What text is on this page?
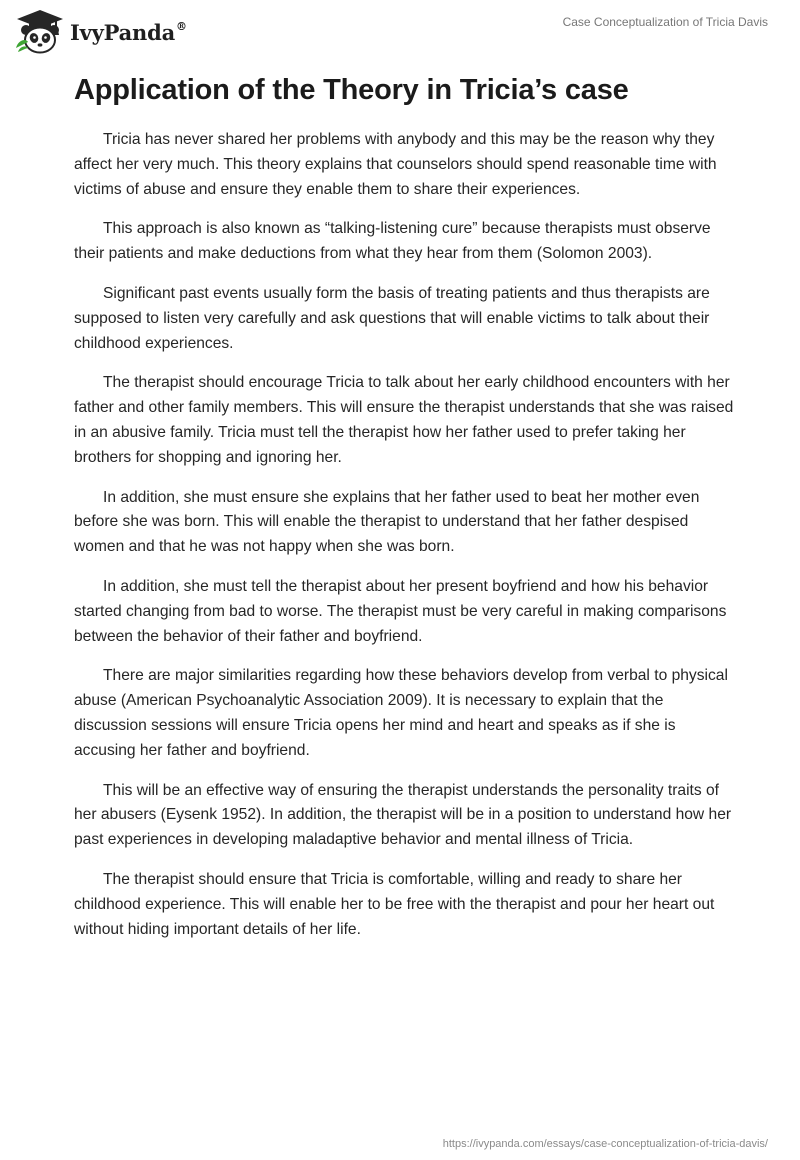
IvyPanda®	Case Conceptualization of Tricia Davis
Application of the Theory in Tricia’s case

Tricia has never shared her problems with anybody and this may be the reason why they affect her very much. This theory explains that counselors should spend reasonable time with victims of abuse and ensure they enable them to share their experiences.

This approach is also known as “talking-listening cure” because therapists must observe their patients and make deductions from what they hear from them (Solomon 2003).

Significant past events usually form the basis of treating patients and thus therapists are supposed to listen very carefully and ask questions that will enable victims to talk about their childhood experiences.

The therapist should encourage Tricia to talk about her early childhood encounters with her father and other family members. This will ensure the therapist understands that she was raised in an abusive family. Tricia must tell the therapist how her father used to prefer taking her brothers for shopping and ignoring her.

In addition, she must ensure she explains that her father used to beat her mother even before she was born. This will enable the therapist to understand that her father despised women and that he was not happy when she was born.

In addition, she must tell the therapist about her present boyfriend and how his behavior started changing from bad to worse. The therapist must be very careful in making comparisons between the behavior of their father and boyfriend.

There are major similarities regarding how these behaviors develop from verbal to physical abuse (American Psychoanalytic Association 2009). It is necessary to explain that the discussion sessions will ensure Tricia opens her mind and heart and speaks as if she is accusing her father and boyfriend.

This will be an effective way of ensuring the therapist understands the personality traits of her abusers (Eysenk 1952). In addition, the therapist will be in a position to understand how her past experiences in developing maladaptive behavior and mental illness of Tricia.

The therapist should ensure that Tricia is comfortable, willing and ready to share her childhood experience. This will enable her to be free with the therapist and pour her heart out without hiding important details of her life.

https://ivypanda.com/essays/case-conceptualization-of-tricia-davis/
